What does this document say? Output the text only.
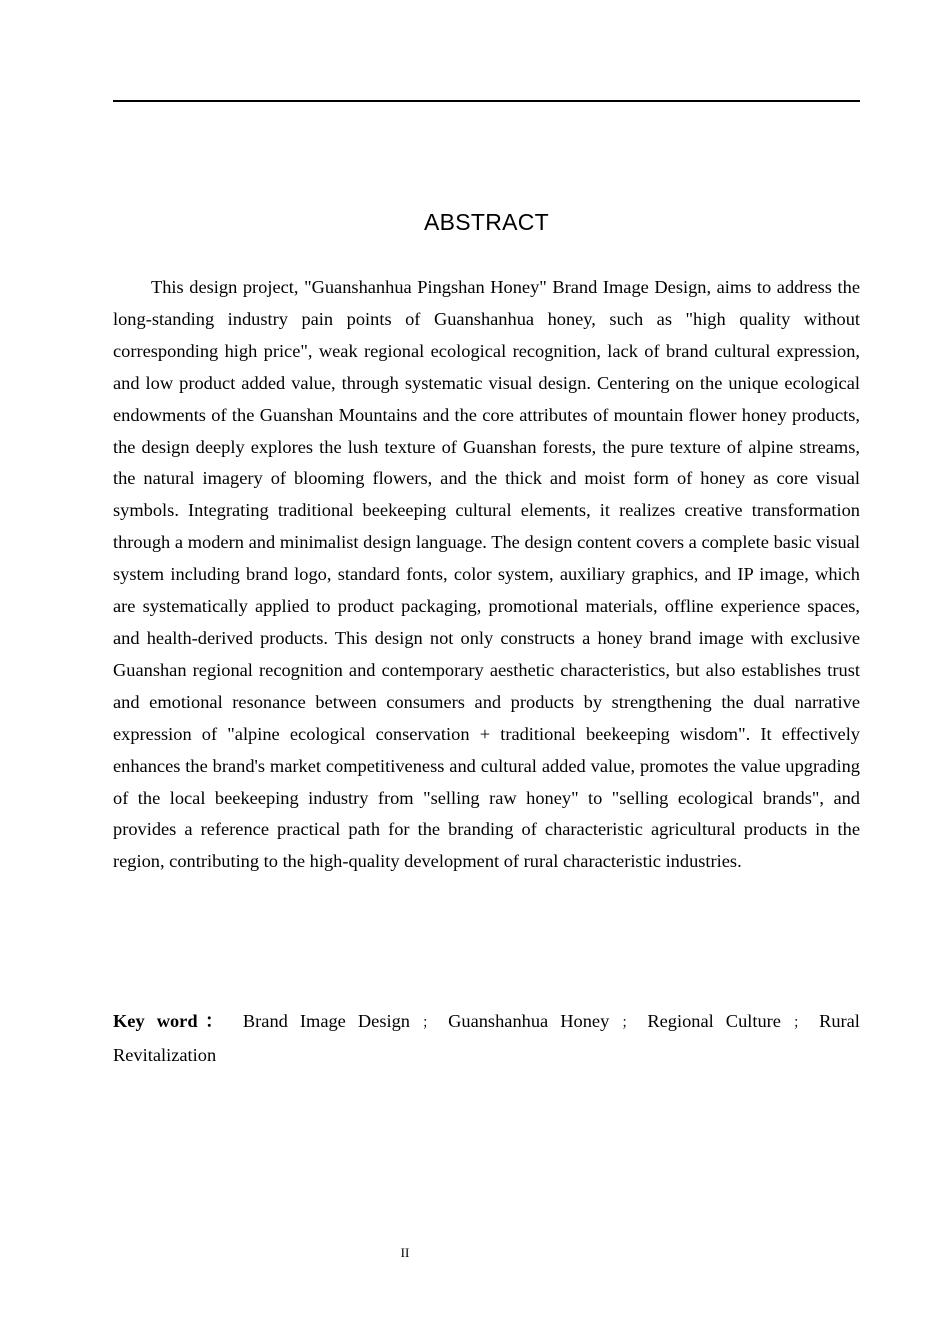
ABSTRACT

This design project, "Guanshanhua Pingshan Honey" Brand Image Design, aims to address the long-standing industry pain points of Guanshanhua honey, such as "high quality without corresponding high price", weak regional ecological recognition, lack of brand cultural expression, and low product added value, through systematic visual design. Centering on the unique ecological endowments of the Guanshan Mountains and the core attributes of mountain flower honey products, the design deeply explores the lush texture of Guanshan forests, the pure texture of alpine streams, the natural imagery of blooming flowers, and the thick and moist form of honey as core visual symbols. Integrating traditional beekeeping cultural elements, it realizes creative transformation through a modern and minimalist design language. The design content covers a complete basic visual system including brand logo, standard fonts, color system, auxiliary graphics, and IP image, which are systematically applied to product packaging, promotional materials, offline experience spaces, and health-derived products. This design not only constructs a honey brand image with exclusive Guanshan regional recognition and contemporary aesthetic characteristics, but also establishes trust and emotional resonance between consumers and products by strengthening the dual narrative expression of "alpine ecological conservation + traditional beekeeping wisdom". It effectively enhances the brand's market competitiveness and cultural added value, promotes the value upgrading of the local beekeeping industry from "selling raw honey" to "selling ecological brands", and provides a reference practical path for the branding of characteristic agricultural products in the region, contributing to the high-quality development of rural characteristic industries.

Key word： Brand Image Design ； Guanshanhua Honey ； Regional Culture ； Rural Revitalization

II
